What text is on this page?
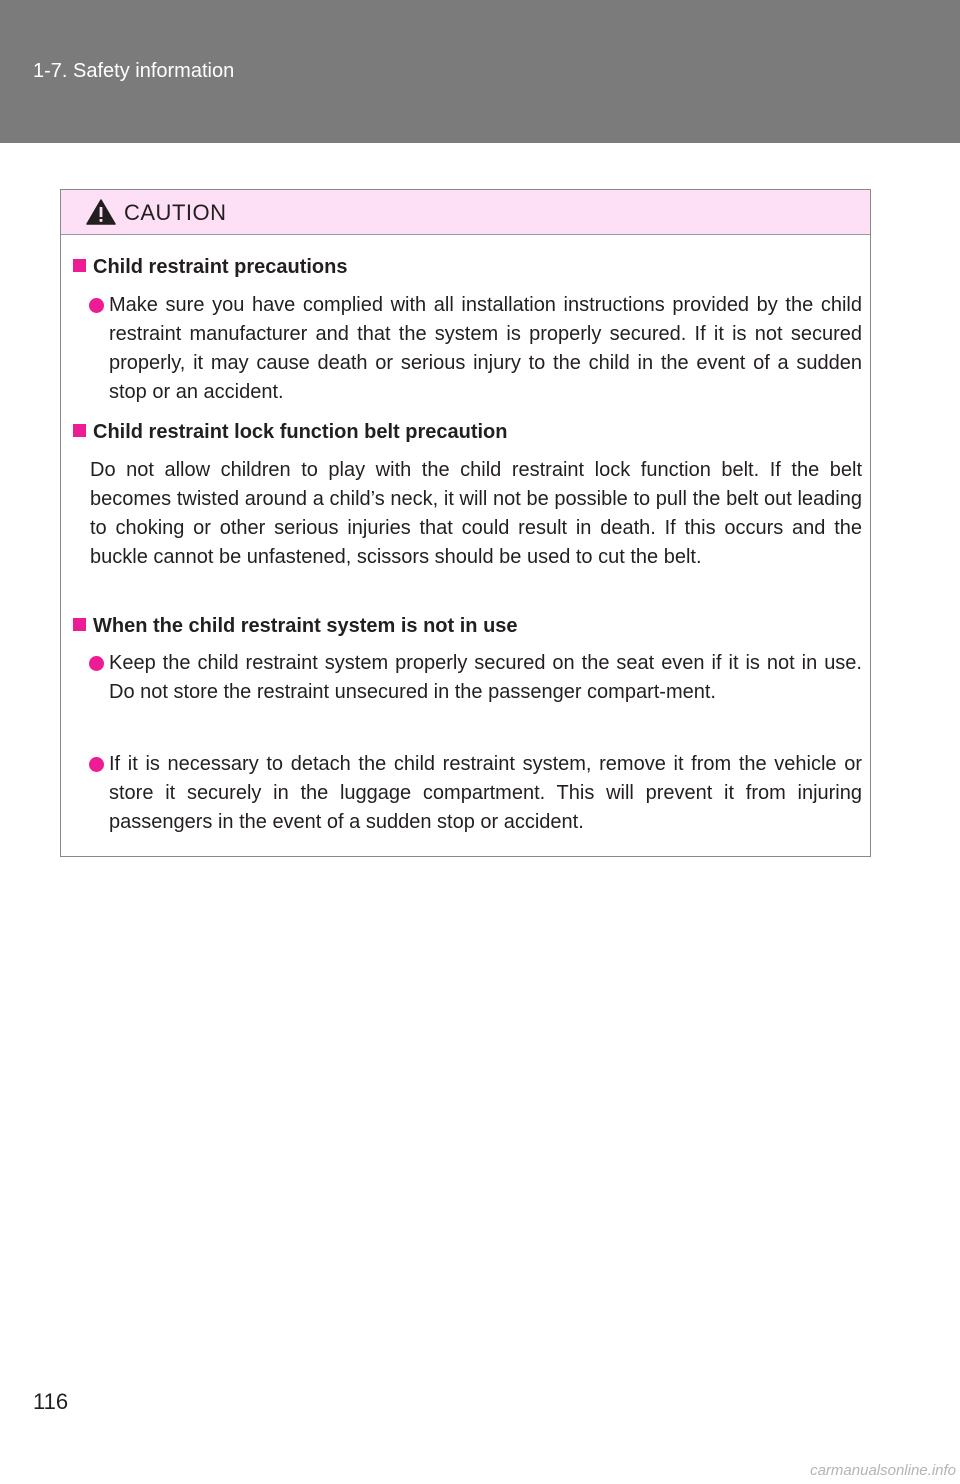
1-7. Safety information
CAUTION
Child restraint precautions
Make sure you have complied with all installation instructions provided by the child restraint manufacturer and that the system is properly secured. If it is not secured properly, it may cause death or serious injury to the child in the event of a sudden stop or an accident.
Child restraint lock function belt precaution
Do not allow children to play with the child restraint lock function belt. If the belt becomes twisted around a child’s neck, it will not be possible to pull the belt out leading to choking or other serious injuries that could result in death. If this occurs and the buckle cannot be unfastened, scissors should be used to cut the belt.
When the child restraint system is not in use
Keep the child restraint system properly secured on the seat even if it is not in use. Do not store the restraint unsecured in the passenger compart-ment.
If it is necessary to detach the child restraint system, remove it from the vehicle or store it securely in the luggage compartment. This will prevent it from injuring passengers in the event of a sudden stop or accident.
116
carmanualsonline.info
